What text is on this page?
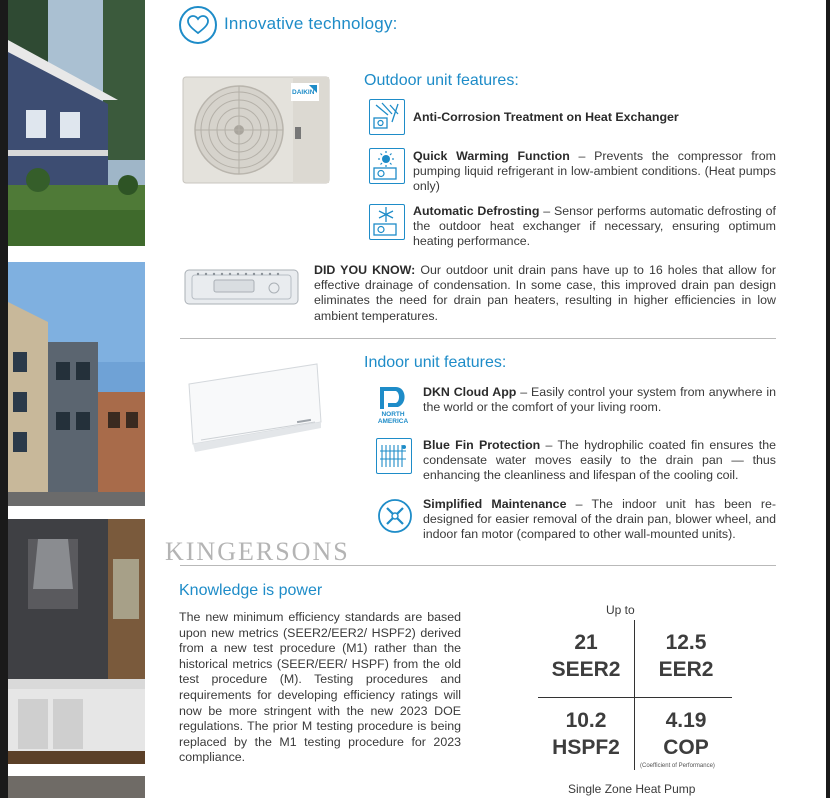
Innovative technology:
DAIKIN
Outdoor unit features:
Anti-Corrosion Treatment on Heat Exchanger
Quick Warming Function – Prevents the compressor from pumping liquid refrigerant in low-ambient conditions. (Heat pumps only)
Automatic Defrosting – Sensor performs automatic defrosting of the outdoor heat exchanger if necessary, ensuring optimum heating performance.
DID YOU KNOW: Our outdoor unit drain pans have up to 16 holes that allow for effective drainage of condensation. In some case, this improved drain pan design eliminates the need for drain pan heaters, resulting in higher efficiencies in low ambient temperatures.
Indoor unit features:
NORTH AMERICA
DKN Cloud App – Easily control your system from anywhere in the world or the comfort of your living room.
Blue Fin Protection – The hydrophilic coated fin ensures the condensate water moves easily to the drain pan — thus enhancing the cleanliness and lifespan of the cooling coil.
Simplified Maintenance – The indoor unit has been re-designed for easier removal of the drain pan, blower wheel, and indoor fan motor (compared to other wall-mounted units).
KINGERSONS
Knowledge is power
The new minimum efficiency standards are based upon new metrics (SEER2/EER2/ HSPF2) derived from a new test procedure (M1) rather than the historical metrics (SEER/EER/ HSPF) from the old test procedure (M). Testing procedures and requirements for developing efficiency ratings will now be more stringent with the new 2023 DOE regulations. The prior M testing procedure is being replaced by the M1 testing procedure for 2023 compliance.
Up to
21
SEER2
12.5
EER2
10.2
HSPF2
4.19
COP
(Coefficient of Performance)
Single Zone Heat Pump
